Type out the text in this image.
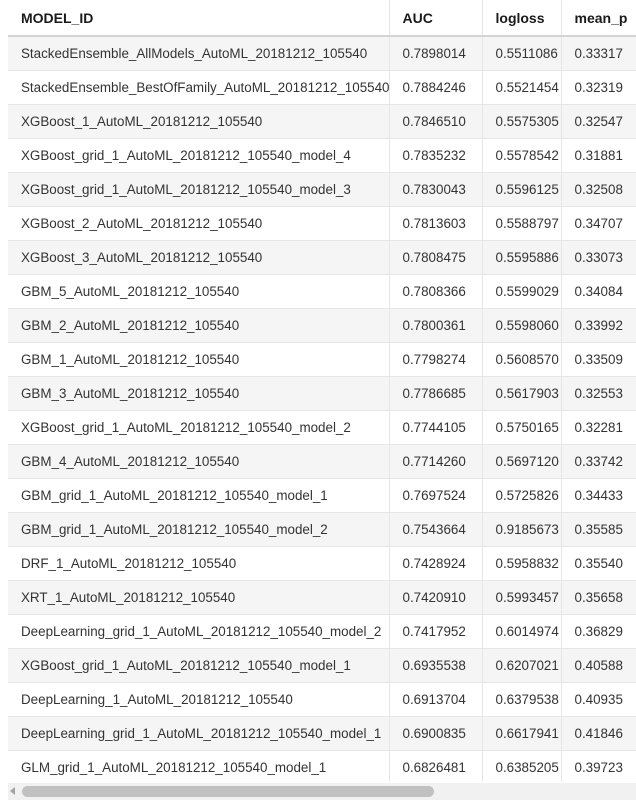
MODEL_ID	AUC	logloss	mean_p
StackedEnsemble_AllModels_AutoML_20181212_105540	0.7898014	0.5511086	0.33317
StackedEnsemble_BestOfFamily_AutoML_20181212_105540	0.7884246	0.5521454	0.32319
XGBoost_1_AutoML_20181212_105540	0.7846510	0.5575305	0.32547
XGBoost_grid_1_AutoML_20181212_105540_model_4	0.7835232	0.5578542	0.31881
XGBoost_grid_1_AutoML_20181212_105540_model_3	0.7830043	0.5596125	0.32508
XGBoost_2_AutoML_20181212_105540	0.7813603	0.5588797	0.34707
XGBoost_3_AutoML_20181212_105540	0.7808475	0.5595886	0.33073
GBM_5_AutoML_20181212_105540	0.7808366	0.5599029	0.34084
GBM_2_AutoML_20181212_105540	0.7800361	0.5598060	0.33992
GBM_1_AutoML_20181212_105540	0.7798274	0.5608570	0.33509
GBM_3_AutoML_20181212_105540	0.7786685	0.5617903	0.32553
XGBoost_grid_1_AutoML_20181212_105540_model_2	0.7744105	0.5750165	0.32281
GBM_4_AutoML_20181212_105540	0.7714260	0.5697120	0.33742
GBM_grid_1_AutoML_20181212_105540_model_1	0.7697524	0.5725826	0.34433
GBM_grid_1_AutoML_20181212_105540_model_2	0.7543664	0.9185673	0.35585
DRF_1_AutoML_20181212_105540	0.7428924	0.5958832	0.35540
XRT_1_AutoML_20181212_105540	0.7420910	0.5993457	0.35658
DeepLearning_grid_1_AutoML_20181212_105540_model_2	0.7417952	0.6014974	0.36829
XGBoost_grid_1_AutoML_20181212_105540_model_1	0.6935538	0.6207021	0.40588
DeepLearning_1_AutoML_20181212_105540	0.6913704	0.6379538	0.40935
DeepLearning_grid_1_AutoML_20181212_105540_model_1	0.6900835	0.6617941	0.41846
GLM_grid_1_AutoML_20181212_105540_model_1	0.6826481	0.6385205	0.39723
